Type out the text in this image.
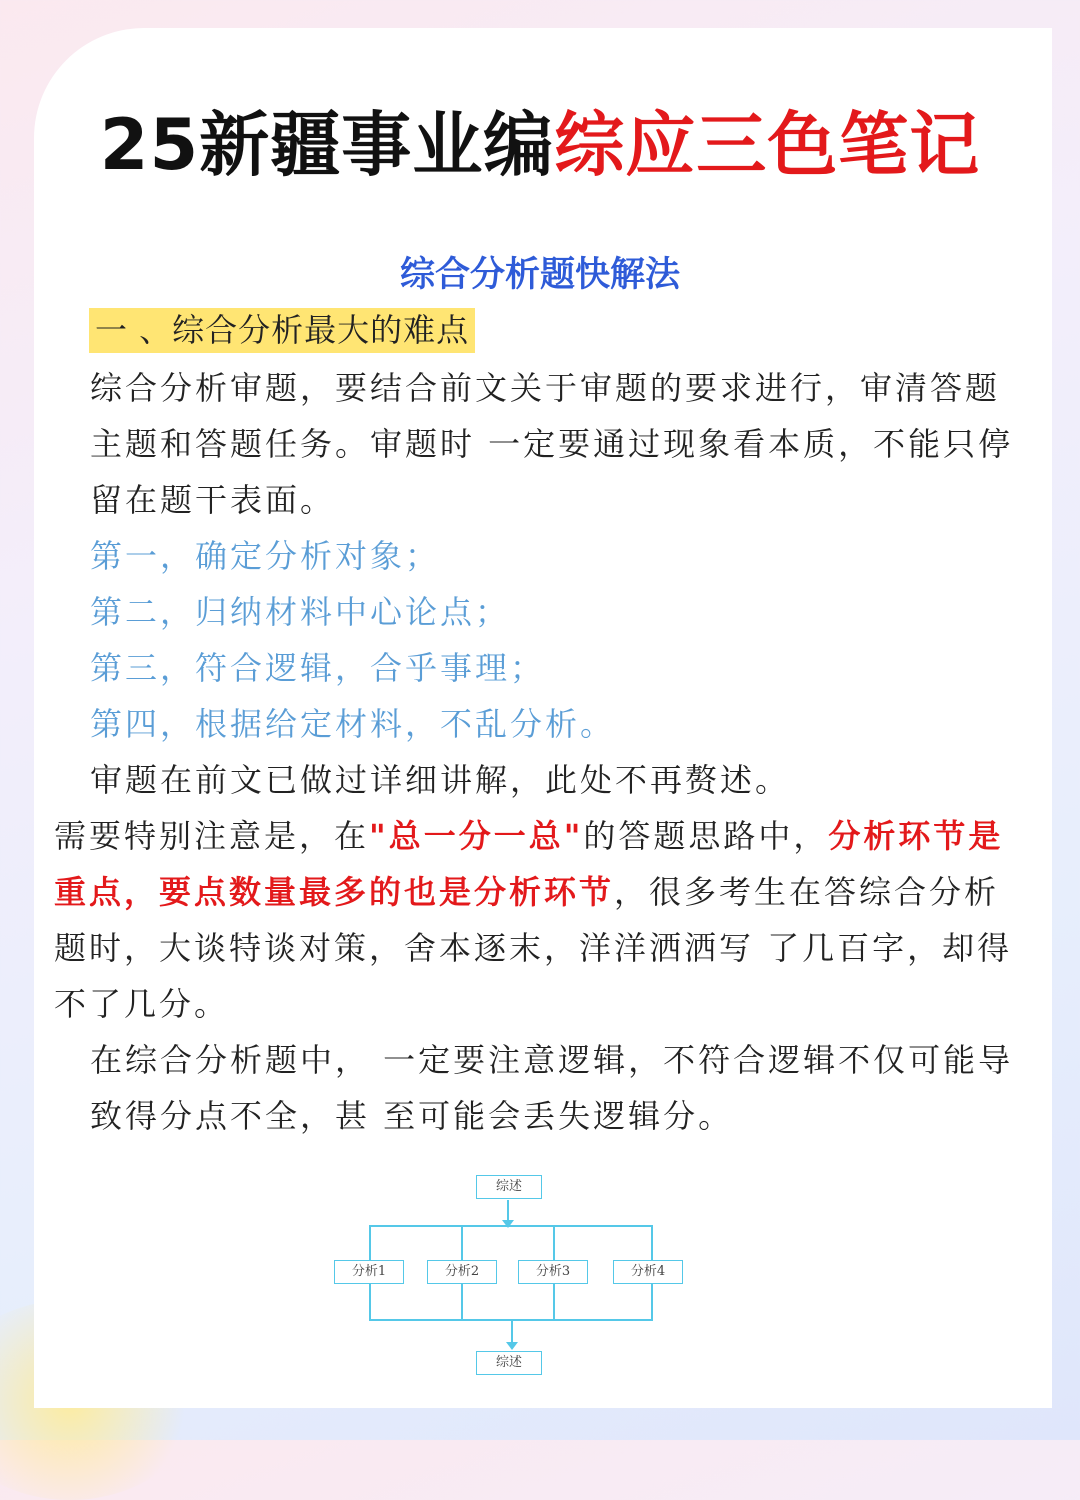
25新疆事业编综应三色笔记
综合分析题快解法
一 、综合分析最大的难点

综合分析审题，要结合前文关于审题的要求进行，审清答题主题和答题任务。审题时 一定要通过现象看本质，不能只停留在题干表面。

第一，确定分析对象；

第二，归纳材料中心论点；

第三，符合逻辑，合乎事理；

第四，根据给定材料，不乱分析。

审题在前文已做过详细讲解，此处不再赘述。

需要特别注意是，在"总一分一总"的答题思路中，分析环节是重点，要点数量最多的也是分析环节，很多考生在答综合分析题时，大谈特谈对策，舍本逐末，洋洋洒洒写 了几百字，却得不了几分。

在综合分析题中， 一定要注意逻辑，不符合逻辑不仅可能导致得分点不全，甚 至可能会丢失逻辑分。

综述
分析1	分析2	分析3	分析4
综述
